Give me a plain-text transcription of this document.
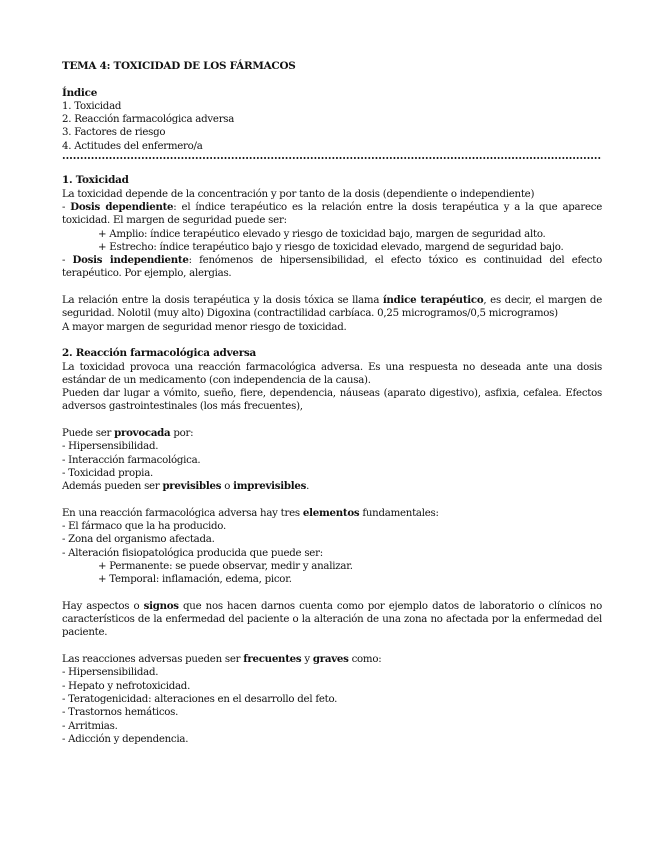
TEMA 4: TOXICIDAD DE LOS FÁRMACOS
Índice
1. Toxicidad
2. Reacción farmacológica adversa
3. Factores de riesgo
4. Actitudes del enfermero/a
1. Toxicidad
La toxicidad depende de la concentración y por tanto de la dosis (dependiente o independiente)
- Dosis dependiente: el índice terapéutico es la relación entre la dosis terapéutica y a la que aparece toxicidad. El margen de seguridad puede ser:
+ Amplio: índice terapéutico elevado y riesgo de toxicidad bajo, margen de seguridad alto.
+ Estrecho: índice terapéutico bajo y riesgo de toxicidad elevado, margend de seguridad bajo.
- Dosis independiente: fenómenos de hipersensibilidad, el efecto tóxico es continuidad del efecto terapéutico. Por ejemplo, alergias.
La relación entre la dosis terapéutica y la dosis tóxica se llama índice terapéutico, es decir, el margen de seguridad. Nolotil (muy alto) Digoxina (contractilidad carbíaca. 0,25 microgramos/0,5 microgramos)
A mayor margen de seguridad menor riesgo de toxicidad.
2. Reacción farmacológica adversa
La toxicidad provoca una reacción farmacológica adversa. Es una respuesta no deseada ante una dosis estándar de un medicamento (con independencia de la causa).
Pueden dar lugar a vómito, sueño, fiere, dependencia, náuseas (aparato digestivo), asfixia, cefalea. Efectos adversos gastrointestinales (los más frecuentes),
Puede ser provocada por:
- Hipersensibilidad.
- Interacción farmacológica.
- Toxicidad propia.
Además pueden ser previsibles o imprevisibles.
En una reacción farmacológica adversa hay tres elementos fundamentales:
- El fármaco que la ha producido.
- Zona del organismo afectada.
- Alteración fisiopatológica producida que puede ser:
+ Permanente: se puede observar, medir y analizar.
+ Temporal: inflamación, edema, picor.
Hay aspectos o signos que nos hacen darnos cuenta como por ejemplo datos de laboratorio o clínicos no característicos de la enfermedad del paciente o la alteración de una zona no afectada por la enfermedad del paciente.
Las reacciones adversas pueden ser frecuentes y graves como:
- Hipersensibilidad.
- Hepato y nefrotoxicidad.
- Teratogenicidad: alteraciones en el desarrollo del feto.
- Trastornos hemáticos.
- Arritmias.
- Adicción y dependencia.
